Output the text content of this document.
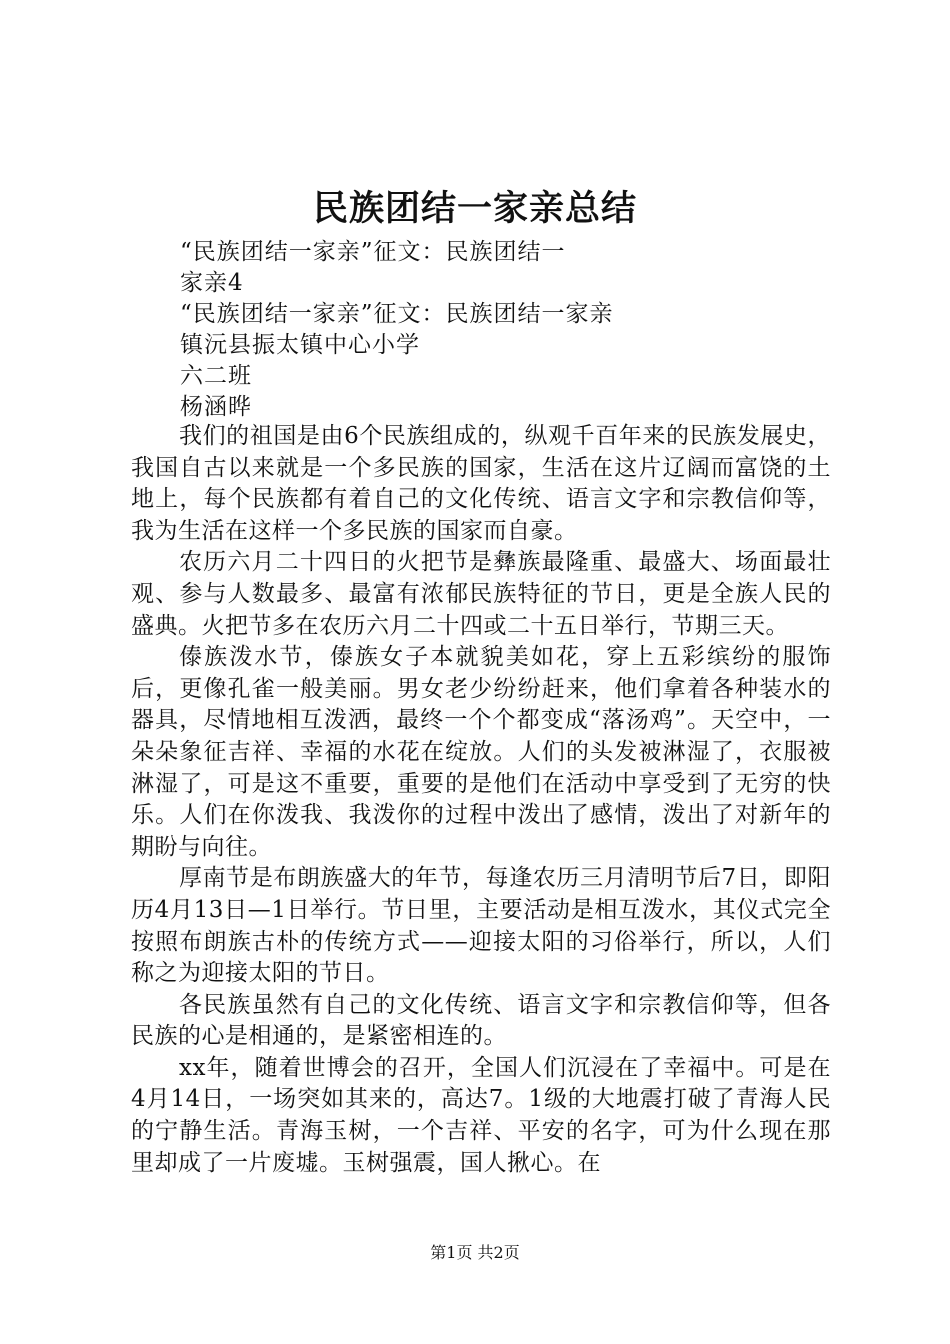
民族团结一家亲总结
“民族团结一家亲”征文：民族团结一
家亲4
“民族团结一家亲”征文：民族团结一家亲
镇沅县振太镇中心小学
六二班
杨涵晔

我们的祖国是由6个民族组成的，纵观千百年来的民族发展史，我国自古以来就是一个多民族的国家，生活在这片辽阔而富饶的土地上，每个民族都有着自己的文化传统、语言文字和宗教信仰等，我为生活在这样一个多民族的国家而自豪。

农历六月二十四日的火把节是彝族最隆重、最盛大、场面最壮观、参与人数最多、最富有浓郁民族特征的节日，更是全族人民的盛典。火把节多在农历六月二十四或二十五日举行，节期三天。

傣族泼水节，傣族女子本就貌美如花，穿上五彩缤纷的服饰后，更像孔雀一般美丽。男女老少纷纷赶来，他们拿着各种装水的器具，尽情地相互泼洒，最终一个个都变成“落汤鸡”。天空中，一朵朵象征吉祥、幸福的水花在绽放。人们的头发被淋湿了，衣服被淋湿了，可是这不重要，重要的是他们在活动中享受到了无穷的快乐。人们在你泼我、我泼你的过程中泼出了感情，泼出了对新年的期盼与向往。

厚南节是布朗族盛大的年节，每逢农历三月清明节后7日，即阳历4月13日—1日举行。节日里，主要活动是相互泼水，其仪式完全按照布朗族古朴的传统方式——迎接太阳的习俗举行，所以，人们称之为迎接太阳的节日。

各民族虽然有自己的文化传统、语言文字和宗教信仰等，但各民族的心是相通的，是紧密相连的。

xx年，随着世博会的召开，全国人们沉浸在了幸福中。可是在4月14日，一场突如其来的，高达7。1级的大地震打破了青海人民的宁静生活。青海玉树，一个吉祥、平安的名字，可为什么现在那里却成了一片废墟。玉树强震，国人揪心。在

第1页 共2页
